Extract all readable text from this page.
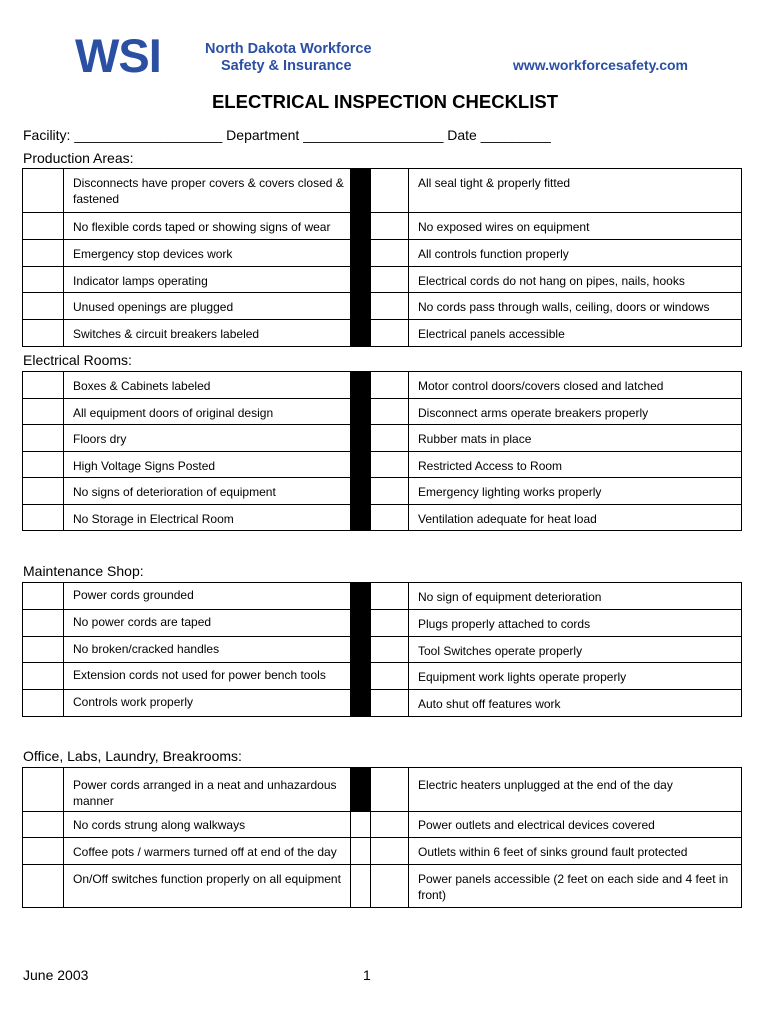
WSI	North Dakota Workforce
Safety & Insurance	www.workforcesafety.com
ELECTRICAL INSPECTION CHECKLIST
Facility: ___________________ Department __________________ Date _________
Production Areas:
	Disconnects have proper covers & covers closed & fastened			All seal tight & properly fitted
	No flexible cords taped or showing signs of wear			No exposed wires on equipment
	Emergency stop devices work			All controls function properly
	Indicator lamps operating			Electrical cords do not hang on pipes, nails, hooks
	Unused openings are plugged			No cords pass through walls, ceiling, doors or windows
	Switches & circuit breakers labeled			Electrical panels accessible
Electrical Rooms:
	Boxes & Cabinets labeled			Motor control doors/covers closed and latched
	All equipment doors of original design			Disconnect arms operate breakers properly
	Floors dry			Rubber mats in place
	High Voltage Signs Posted			Restricted Access to Room
	No signs of deterioration of equipment			Emergency lighting works properly
	No Storage in Electrical Room			Ventilation adequate for heat load
Maintenance Shop:
	Power cords grounded			No sign of equipment deterioration
	No power cords are taped			Plugs properly attached to cords
	No broken/cracked handles			Tool Switches operate properly
	Extension cords not used for power bench tools			Equipment work lights operate properly
	Controls work properly			Auto shut off features work
Office, Labs, Laundry, Breakrooms:
	Power cords arranged in a neat and unhazardous manner			Electric heaters unplugged at the end of the day
	No cords strung along walkways			Power outlets and electrical devices covered
	Coffee pots / warmers turned off at end of the day			Outlets within 6 feet of sinks ground fault protected
	On/Off switches function properly on all equipment			Power panels accessible (2 feet on each side and 4 feet in front)
June 2003	1
